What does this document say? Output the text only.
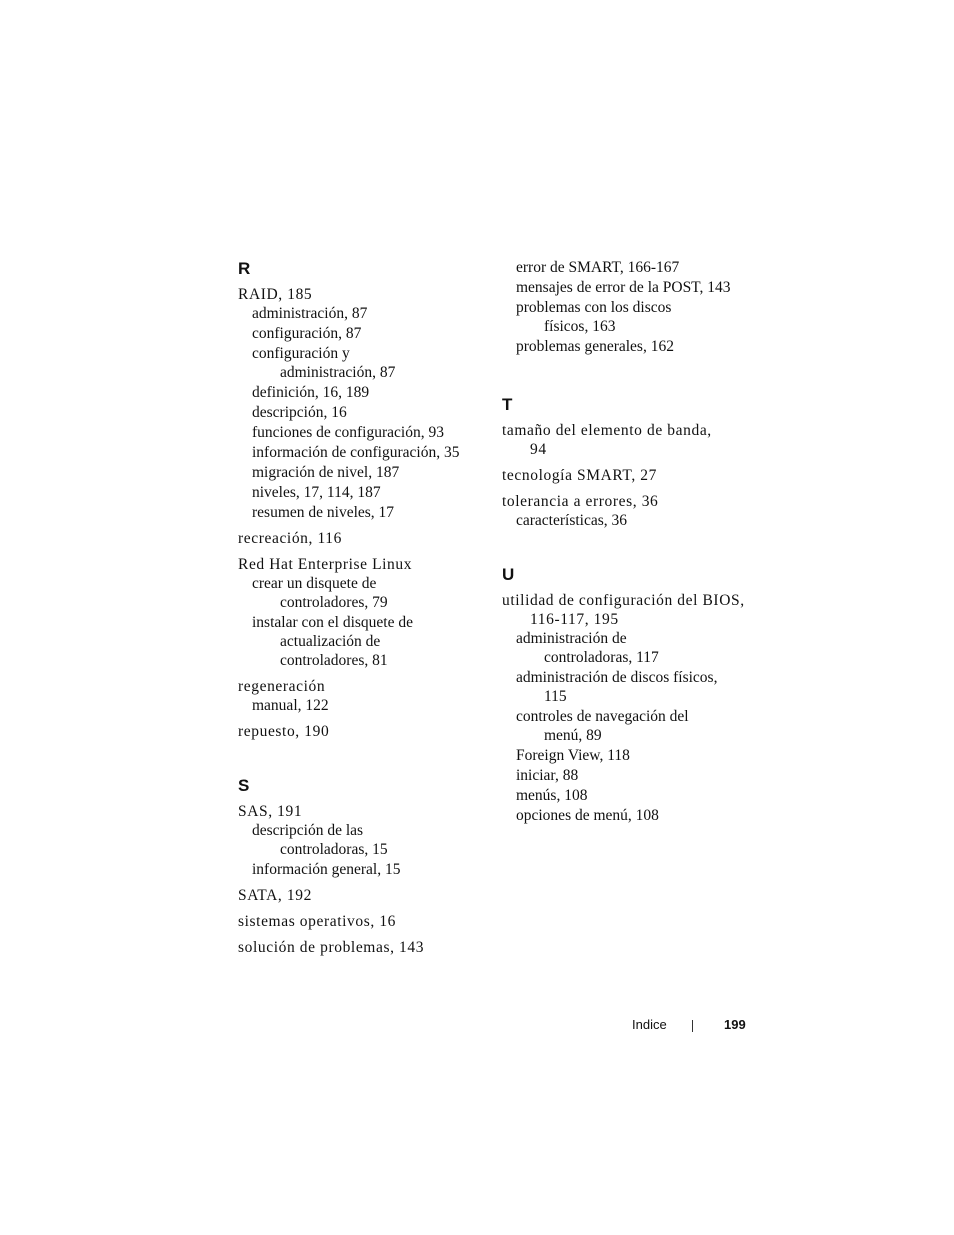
R

RAID, 185

administración, 87

configuración, 87

configuración y administración, 87

definición, 16, 189

descripción, 16

funciones de configuración, 93

información de configuración, 35

migración de nivel, 187

niveles, 17, 114, 187

resumen de niveles, 17

recreación, 116

Red Hat Enterprise Linux

crear un disquete de controladores, 79

instalar con el disquete de actualización de controladores, 81

regeneración

manual, 122

repuesto, 190

S

SAS, 191

descripción de las controladoras, 15

información general, 15

SATA, 192

sistemas operativos, 16

solución de problemas, 143

error de SMART, 166-167

mensajes de error de la POST, 143

problemas con los discos físicos, 163

problemas generales, 162

T

tamaño del elemento de banda, 94

tecnología SMART, 27

tolerancia a errores, 36

características, 36

U

utilidad de configuración del BIOS, 116-117, 195

administración de controladoras, 117

administración de discos físicos, 115

controles de navegación del menú, 89

Foreign View, 118

iniciar, 88

menús, 108

opciones de menú, 108

Indice	199
